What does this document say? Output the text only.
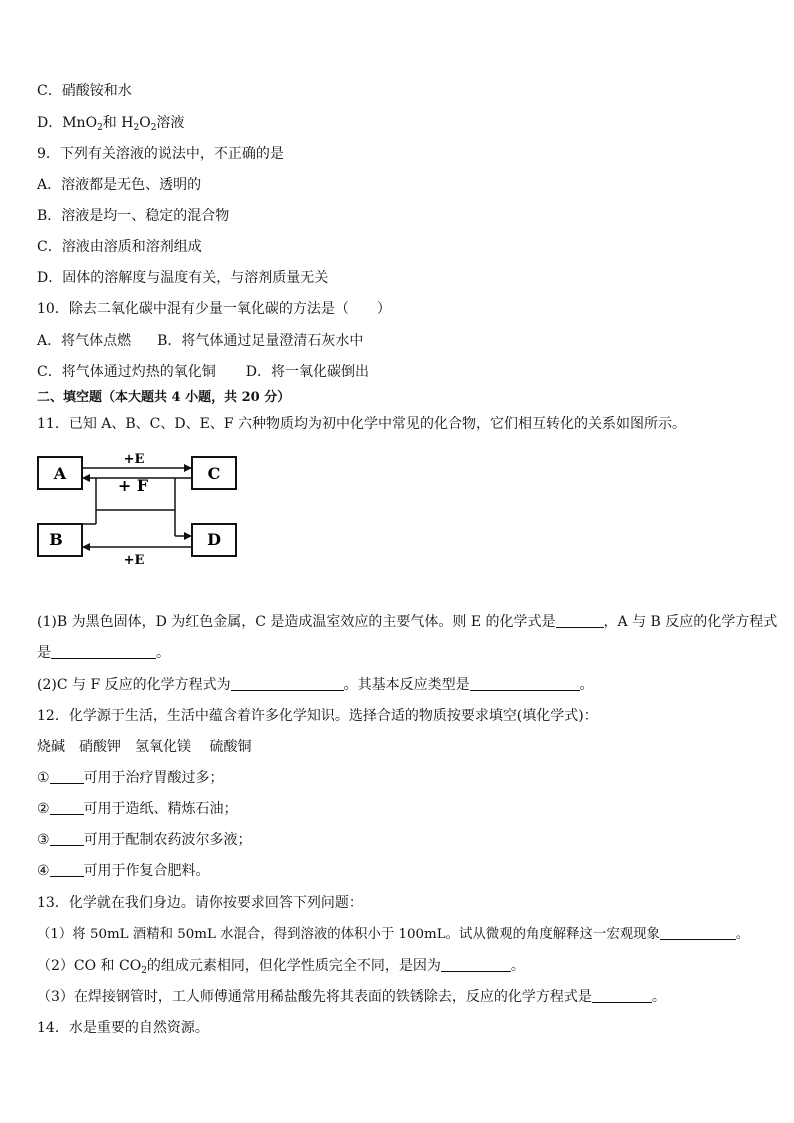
C．硝酸铵和水
D．MnO$_2$和 $H_2O_2$溶液
9．下列有关溶液的说法中，不正确的是
A．溶液都是无色、透明的
B．溶液是均一、稳定的混合物
C．溶液由溶质和溶剂组成
D．固体的溶解度与温度有关，与溶剂质量无关
10．除去二氧化碳中混有少量一氧化碳的方法是（　　）
A．将气体点燃 B．将气体通过足量澄清石灰水中
C．将气体通过灼热的氧化铜 D．将一氧化碳倒出
二、填空题（本大题共 4 小题，共 20 分）
11．已知 A、B、C、D、E、F 六种物质均为初中化学中常见的化合物，它们相互转化的关系如图所示。
A
B
C
D
+E
+ F
+E
(1)B 为黑色固体，D 为红色金属，C 是造成温室效应的主要气体。则 E 的化学式是	，A 与 B 反应的化学方程式
是	。
(2)C 与 F 反应的化学方程式为	。其基本反应类型是	。
12．化学源于生活，生活中蕴含着许多化学知识。选择合适的物质按要求填空(填化学式)：
烧碱　硝酸钾　氢氧化镁　 硫酸铜
① 可用于治疗胃酸过多；
② 可用于造纸、精炼石油；
③ 可用于配制农药波尔多液；
④ 可用于作复合肥料。
13．化学就在我们身边。请你按要求回答下列问题：
（1）将 50mL 酒精和 50mL 水混合，得到溶液的体积小于 100mL。试从微观的角度解释这一宏观现象	。
（2）CO 和 $CO_2$的组成元素相同，但化学性质完全不同，是因为	。
（3）在焊接钢管时，工人师傅通常用稀盐酸先将其表面的铁锈除去，反应的化学方程式是	。
14．水是重要的自然资源。
